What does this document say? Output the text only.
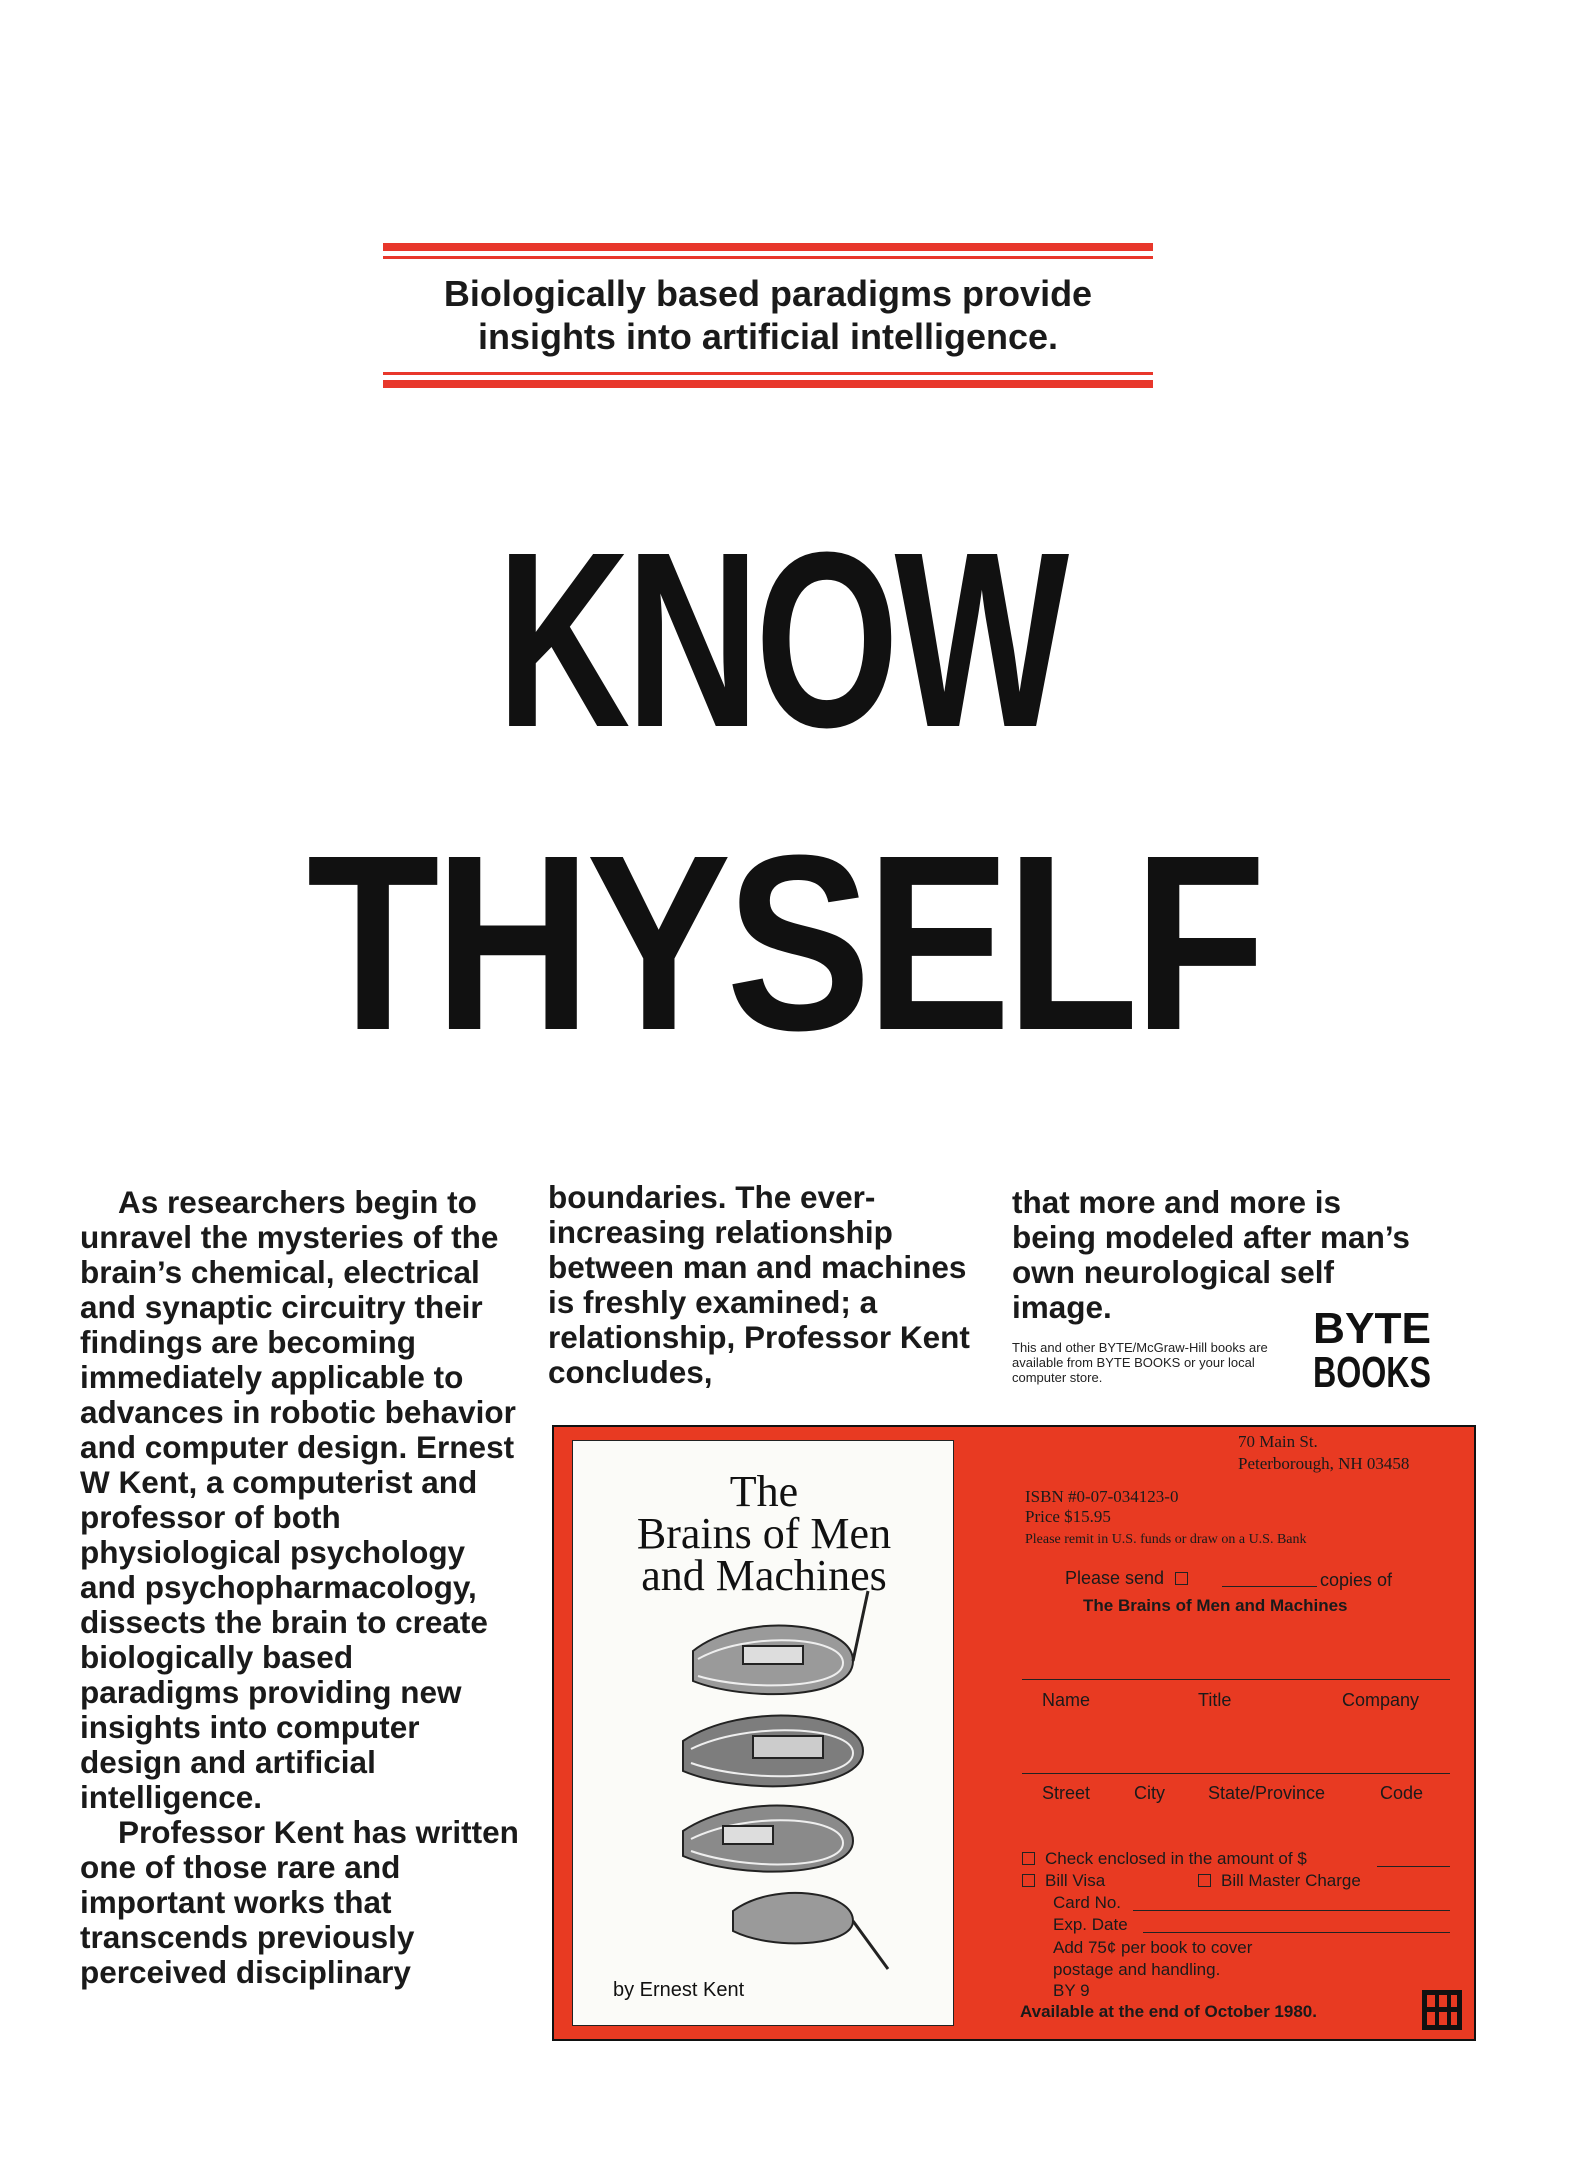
Biologically based paradigms provide
insights into artificial intelligence.
KNOW
THYSELF

As researchers begin to unravel the mysteries of the brain’s chemical, electrical and synaptic circuitry their findings are becoming immediately applicable to advances in robotic behavior and computer design. Ernest W Kent, a computerist and professor of both physiological psychology and psychopharmacology, dissects the brain to create biologically based paradigms providing new insights into computer design and artificial intelligence.

Professor Kent has written one of those rare and important works that transcends previously perceived disciplinary

boundaries. The ever-increasing relationship between man and machines is freshly examined; a relationship, Professor Kent concludes,

that more and more is being modeled after man’s own neurological self image.

This and other BYTE/McGraw-Hill books are available from BYTE BOOKS or your local computer store.
BYTE
BOOKS
The
Brains of Men
and Machines
by Ernest Kent
70 Main St.
Peterborough, NH 03458
ISBN #0-07-034123-0
Price $15.95
Please remit in U.S. funds or draw on a U.S. Bank
Please send	copies of
The Brains of Men and Machines
Name	Title	Company
Street City State/Province	Code
Check enclosed in the amount of $
Bill Visa	Bill Master Charge
Card No.
Exp. Date
Add 75¢ per book to cover
postage and handling.
BY 9
Available at the end of October 1980.
